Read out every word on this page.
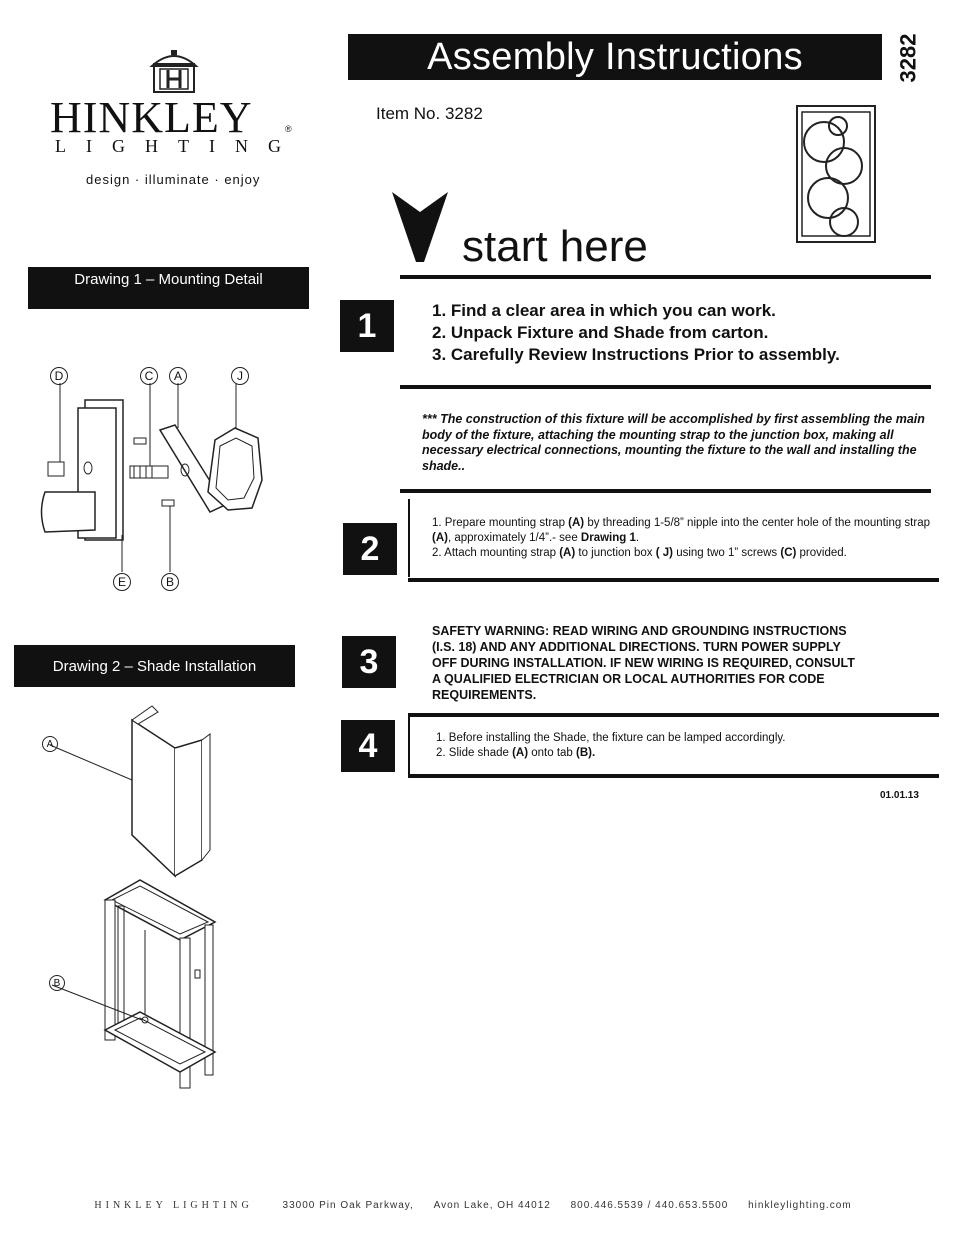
Assembly Instructions	3282
Item No. 3282
HINKLEY	®
LIGHTING
design · illuminate · enjoy
Drawing 1 – Mounting Detail
D	C	A	J
E	B
Drawing 2 – Shade Installation
A
B
start here
1	1. Find a clear area in which you can work.
2. Unpack Fixture and Shade from carton.
3. Carefully Review Instructions Prior to assembly.
*** The construction of this fixture will be accomplished by first assembling the main body of the fixture, attaching the mounting strap to the junction box, making all necessary electrical connections, mounting the fixture to the wall and installing the shade..
2
1. Prepare mounting strap (A) by threading 1-5/8” nipple into the center hole of the mounting strap (A), approximately 1/4”.- see Drawing 1.
2. Attach mounting strap (A) to junction box ( J) using two 1” screws (C) provided.
3
SAFETY WARNING: READ WIRING AND GROUNDING INSTRUCTIONS (I.S. 18) AND ANY ADDITIONAL DIRECTIONS. TURN POWER SUPPLY OFF DURING INSTALLATION. IF NEW WIRING IS REQUIRED, CONSULT A QUALIFIED ELECTRICIAN OR LOCAL AUTHORITIES FOR CODE REQUIREMENTS.
4	1. Before installing the Shade, the fixture can be lamped accordingly.
2. Slide shade (A) onto tab (B).
01.01.13
HINKLEY LIGHTING	33000 Pin Oak Parkway, Avon Lake, OH 44012 800.446.5539 / 440.653.5500 hinkleylighting.com
